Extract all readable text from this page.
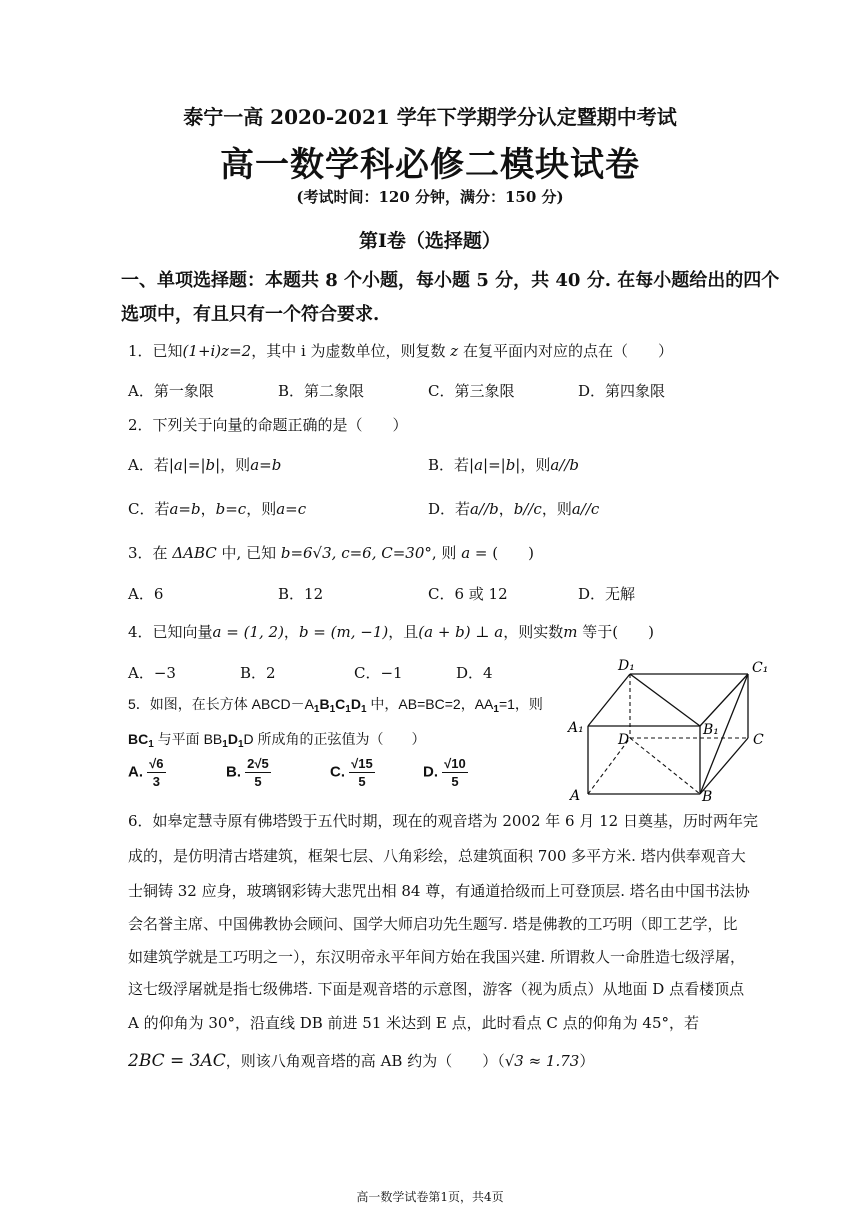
泰宁一高 2020-2021 学年下学期学分认定暨期中考试
高一数学科必修二模块试卷
(考试时间：120 分钟，满分：150 分)
第Ⅰ卷（选择题）
一、单项选择题：本题共 8 个小题，每小题 5 分，共 40 分. 在每小题给出的四个
选项中，有且只有一个符合要求.
1．已知(1+i)z=2，其中 i 为虚数单位，则复数 z 在复平面内对应的点在（　　）
A．第一象限	B．第二象限	C．第三象限	D．第四象限
2．下列关于向量的命题正确的是（　　）
A．若|a|=|b|，则a=b	B．若|a|=|b|，则a//b
C．若a=b，b=c，则a=c	D．若a//b，b//c，则a//c
3．在 ΔABC 中, 已知 b=6√3, c=6, C=30°, 则 a = (　　)
A．6	B．12	C．6 或 12	D．无解
4．已知向量a = (1, 2)，b = (m, −1)，且(a + b) ⊥ a，则实数m 等于(　　)
A．−3	B．2	C．−1	D．4
5．如图，在长方体 $ABCD-A_1B_1C_1D_1$ 中，AB=BC=2，$AA_1=1$，则
$BC_1$ 与平面 $BB_1D_1D$ 所成角的正弦值为（　　）
A. $\frac{√6}{3}$	B. $\frac{2√5}{5}$	C. $\frac{√15}{5}$	D. $\frac{√10}{5}$
D₁	C₁
A₁	B₁
D	C
A	B
6．如皋定慧寺原有佛塔毁于五代时期，现在的观音塔为 2002 年 6 月 12 日奠基，历时两年完
成的，是仿明清古塔建筑，框架七层、八角彩绘，总建筑面积 700 多平方米. 塔内供奉观音大
士铜铸 32 应身，玻璃钢彩铸大悲咒出相 84 尊，有通道拾级而上可登顶层. 塔名由中国书法协
会名誉主席、中国佛教协会顾问、国学大师启功先生题写. 塔是佛教的工巧明（即工艺学，比
如建筑学就是工巧明之一），东汉明帝永平年间方始在我国兴建. 所谓救人一命胜造七级浮屠，
这七级浮屠就是指七级佛塔. 下面是观音塔的示意图，游客（视为质点）从地面 D 点看楼顶点
A 的仰角为 30°，沿直线 DB 前进 51 米达到 E 点，此时看点 C 点的仰角为 45°，若
2BC = 3AC，则该八角观音塔的高 AB 约为（　　）（√3 ≈ 1.73）
高一数学试卷第1页，共4页
